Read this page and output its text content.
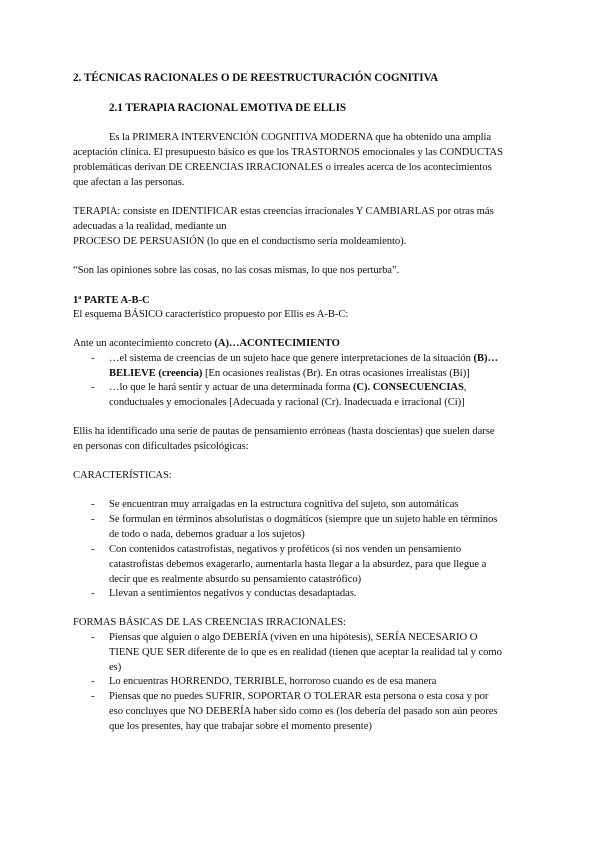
2. TÉCNICAS RACIONALES O DE REESTRUCTURACIÓN COGNITIVA
2.1 TERAPIA RACIONAL EMOTIVA DE ELLIS
Es la PRIMERA INTERVENCIÓN COGNITIVA MODERNA que ha obtenido una amplia
aceptación clínica. El presupuesto básico es que los TRASTORNOS emocionales y las CONDUCTAS
problemáticas derivan DE CREENCIAS IRRACIONALES o irreales acerca de los acontecimientos
que afectan a las personas.
TERAPIA: consiste en IDENTIFICAR estas creencias irracionales Y CAMBIARLAS por otras más
adecuadas a la realidad, mediante un
PROCESO DE PERSUASIÓN (lo que en el conductismo sería moldeamiento).
“Son las opiniones sobre las cosas, no las cosas mismas, lo que nos perturba”.
1ª PARTE A-B-C
El esquema BÁSICO característico propuesto por Ellis es A-B-C:
Ante un acontecimiento concreto (A)…ACONTECIMIENTO
- …el sistema de creencias de un sujeto hace que genere interpretaciones de la situación (B)…
BELIEVE (creencia) [En ocasiones realistas (Br). En otras ocasiones irrealistas (Bi)]
- …lo que le hará sentir y actuar de una determinada forma (C). CONSECUENCIAS,
conductuales y emocionales [Adecuada y racional (Cr). Inadecuada e irracional (Ci)]
Ellis ha identificado una serie de pautas de pensamiento erróneas (hasta doscientas) que suelen darse
en personas con dificultades psicológicas:
CARACTERÍSTICAS:
- Se encuentran muy arraigadas en la estructura cognitiva del sujeto, son automáticas
- Se formulan en términos absolutistas o dogmáticos (siempre que un sujeto hable en términos
de todo o nada, debemos graduar a los sujetos)
- Con contenidos catastrofistas, negativos y proféticos (si nos venden un pensamiento
catastrofistas debemos exagerarlo, aumentarla hasta llegar a la absurdez, para que llegue a
decir que es realmente absurdo su pensamiento catastrófico)
- Llevan a sentimientos negativos y conductas desadaptadas.
FORMAS BÁSICAS DE LAS CREENCIAS IRRACIONALES:
- Piensas que alguien o algo DEBERÍA (viven en una hipótesis), SERÍA NECESARIO O
TIENE QUE SER diferente de lo que es en realidad (tienen que aceptar la realidad tal y como
es)
- Lo encuentras HORRENDO, TERRIBLE, horroroso cuando es de esa manera
- Piensas que no puedes SUFRIR, SOPORTAR O TOLERAR esta persona o esta cosa y por
eso concluyes que NO DEBERÍA haber sido como es (los debería del pasado son aún peores
que los presentes, hay que trabajar sobre el momento presente)
